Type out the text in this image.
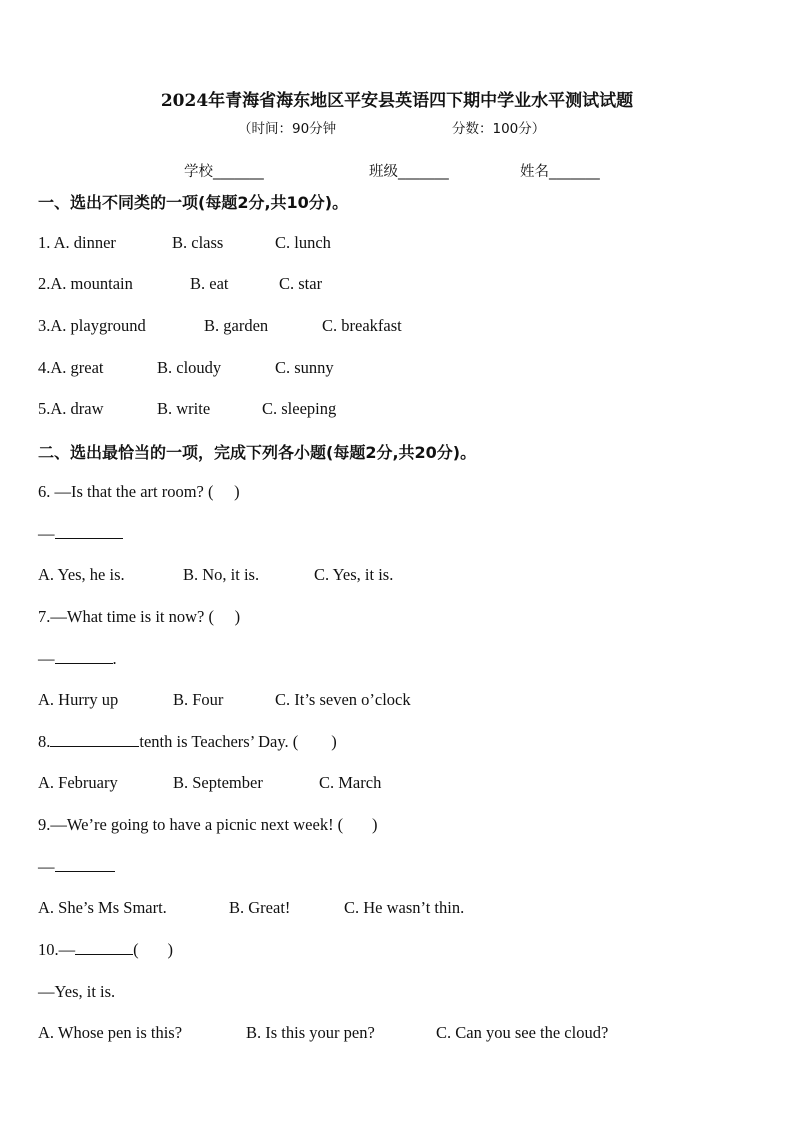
2024年青海省海东地区平安县英语四下期中学业水平测试试题
（时间：90分钟	分数：100分）
学校_______	班级_______	姓名_______
一、选出不同类的一项(每题2分,共10分)。
1. A. dinner	B. class	C. lunch
2.A. mountain	B. eat	C. star
3.A. playground	B. garden	C. breakfast
4.A. great	B. cloudy	C. sunny
5.A. draw	B. write	C. sleeping
二、选出最恰当的一项，完成下列各小题(每题2分,共20分)。
6. —Is that the art room? (     )
—
A. Yes, he is.	B. No, it is.	C. Yes, it is.
7.—What time is it now? (     )
—	.
A. Hurry up	B. Four	C. It’s seven o’clock
8.	tenth is Teachers’ Day. (        )
A. February	B. September	C. March
9.—We’re going to have a picnic next week! (       )
—
A. She’s Ms Smart.	B. Great!	C. He wasn’t thin.
10.—	(       )
—Yes, it is.
A. Whose pen is this?	B. Is this your pen?	C. Can you see the cloud?
